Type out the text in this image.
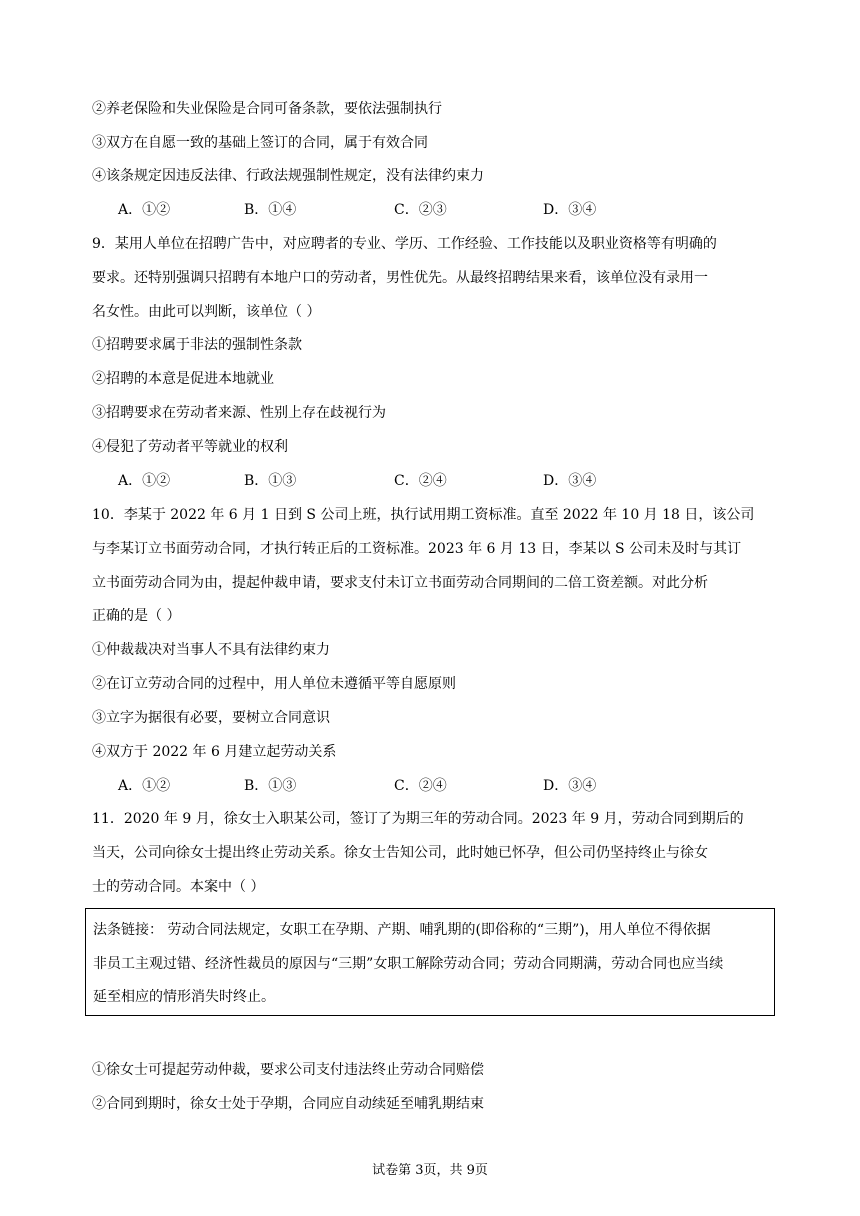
②养老保险和失业保险是合同可备条款，要依法强制执行
③双方在自愿一致的基础上签订的合同，属于有效合同
④该条规定因违反法律、行政法规强制性规定，没有法律约束力
A．①②	B．①④	C．②③	D．③④
9．某用人单位在招聘广告中，对应聘者的专业、学历、工作经验、工作技能以及职业资格等有明确的
要求。还特别强调只招聘有本地户口的劳动者，男性优先。从最终招聘结果来看，该单位没有录用一
名女性。由此可以判断，该单位（ ）
①招聘要求属于非法的强制性条款
②招聘的本意是促进本地就业
③招聘要求在劳动者来源、性别上存在歧视行为
④侵犯了劳动者平等就业的权利
A．①②	B．①③	C．②④	D．③④
10．李某于 2022 年 6 月 1 日到 S 公司上班，执行试用期工资标准。直至 2022 年 10 月 18 日，该公司
与李某订立书面劳动合同，才执行转正后的工资标准。2023 年 6 月 13 日，李某以 S 公司未及时与其订
立书面劳动合同为由，提起仲裁申请，要求支付未订立书面劳动合同期间的二倍工资差额。对此分析
正确的是（ ）
①仲裁裁决对当事人不具有法律约束力
②在订立劳动合同的过程中，用人单位未遵循平等自愿原则
③立字为据很有必要，要树立合同意识
④双方于 2022 年 6 月建立起劳动关系
A．①②	B．①③	C．②④	D．③④
11．2020 年 9 月，徐女士入职某公司，签订了为期三年的劳动合同。2023 年 9 月，劳动合同到期后的
当天，公司向徐女士提出终止劳动关系。徐女士告知公司，此时她已怀孕，但公司仍坚持终止与徐女
士的劳动合同。本案中（ ）
法条链接： 劳动合同法规定，女职工在孕期、产期、哺乳期的(即俗称的“三期”)，用人单位不得依据
非员工主观过错、经济性裁员的原因与“三期”女职工解除劳动合同；劳动合同期满，劳动合同也应当续
延至相应的情形消失时终止。
①徐女士可提起劳动仲裁，要求公司支付违法终止劳动合同赔偿
②合同到期时，徐女士处于孕期，合同应自动续延至哺乳期结束
试卷第 3页，共 9页
